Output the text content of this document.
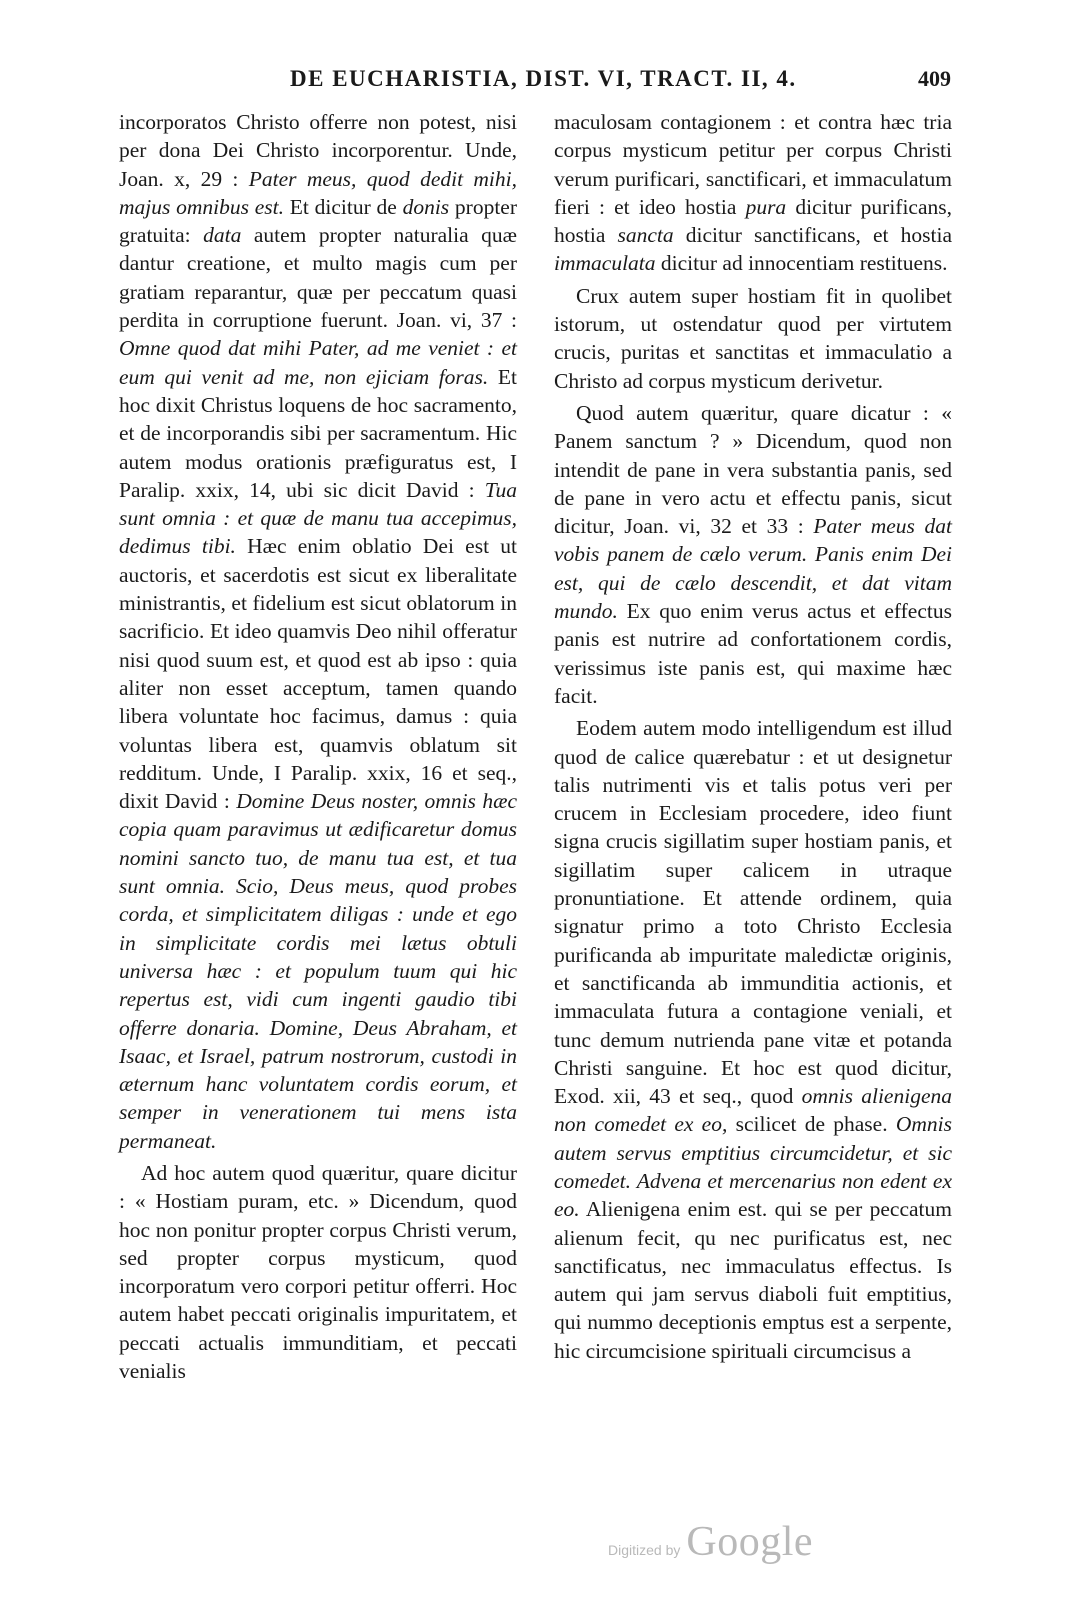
DE EUCHARISTIA, DIST. VI, TRACT. II, 4.	409

incorporatos Christo offerre non potest, nisi per dona Dei Christo incorporentur. Unde, Joan. x, 29 : Pater meus, quod dedit mihi, majus omnibus est. Et dicitur de donis propter gratuita: data autem propter naturalia quæ dantur creatione, et multo magis cum per gratiam reparantur, quæ per peccatum quasi perdita in corruptione fuerunt. Joan. vi, 37 : Omne quod dat mihi Pater, ad me veniet : et eum qui venit ad me, non ejiciam foras. Et hoc dixit Christus loquens de hoc sacramento, et de incorporandis sibi per sacramentum. Hic autem modus orationis præfiguratus est, I Paralip. xxix, 14, ubi sic dicit David : Tua sunt omnia : et quæ de manu tua accepimus, dedimus tibi. Hæc enim oblatio Dei est ut auctoris, et sacerdotis est sicut ex liberalitate ministrantis, et fidelium est sicut oblatorum in sacrificio. Et ideo quamvis Deo nihil offeratur nisi quod suum est, et quod est ab ipso : quia aliter non esset acceptum, tamen quando libera voluntate hoc facimus, damus : quia voluntas libera est, quamvis oblatum sit redditum. Unde, I Paralip. xxix, 16 et seq., dixit David : Domine Deus noster, omnis hæc copia quam paravimus ut ædificaretur domus nomini sancto tuo, de manu tua est, et tua sunt omnia. Scio, Deus meus, quod probes corda, et simplicitatem diligas : unde et ego in simplicitate cordis mei lætus obtuli universa hæc : et populum tuum qui hic repertus est, vidi cum ingenti gaudio tibi offerre donaria. Domine, Deus Abraham, et Isaac, et Israel, patrum nostrorum, custodi in æternum hanc voluntatem cordis eorum, et semper in venerationem tui mens ista permaneat.

Ad hoc autem quod quæritur, quare dicitur : « Hostiam puram, etc. » Dicendum, quod hoc non ponitur propter corpus Christi verum, sed propter corpus mysticum, quod incorporatum vero corpori petitur offerri. Hoc autem habet peccati originalis impuritatem, et peccati actualis immunditiam, et peccati venialis

maculosam contagionem : et contra hæc tria corpus mysticum petitur per corpus Christi verum purificari, sanctificari, et immaculatum fieri : et ideo hostia pura dicitur purificans, hostia sancta dicitur sanctificans, et hostia immaculata dicitur ad innocentiam restituens.

Crux autem super hostiam fit in quolibet istorum, ut ostendatur quod per virtutem crucis, puritas et sanctitas et immaculatio a Christo ad corpus mysticum derivetur.

Quod autem quæritur, quare dicatur : « Panem sanctum ? » Dicendum, quod non intendit de pane in vera substantia panis, sed de pane in vero actu et effectu panis, sicut dicitur, Joan. vi, 32 et 33 : Pater meus dat vobis panem de cælo verum. Panis enim Dei est, qui de cælo descendit, et dat vitam mundo. Ex quo enim verus actus et effectus panis est nutrire ad confortationem cordis, verissimus iste panis est, qui maxime hæc facit.

Eodem autem modo intelligendum est illud quod de calice quærebatur : et ut designetur talis nutrimenti vis et talis potus veri per crucem in Ecclesiam procedere, ideo fiunt signa crucis sigillatim super hostiam panis, et sigillatim super calicem in utraque pronuntiatione. Et attende ordinem, quia signatur primo a toto Christo Ecclesia purificanda ab impuritate maledictæ originis, et sanctificanda ab immunditia actionis, et immaculata futura a contagione veniali, et tunc demum nutrienda pane vitæ et potanda Christi sanguine. Et hoc est quod dicitur, Exod. xii, 43 et seq., quod omnis alienigena non comedet ex eo, scilicet de phase. Omnis autem servus emptitius circumcidetur, et sic comedet. Advena et mercenarius non edent ex eo. Alienigena enim est. qui se per peccatum alienum fecit, qu nec purificatus est, nec sanctificatus, nec immaculatus effectus. Is autem qui jam servus diaboli fuit emptitius, qui nummo deceptionis emptus est a serpente, hic circumcisione spirituali circumcisus a

Digitized by Google
